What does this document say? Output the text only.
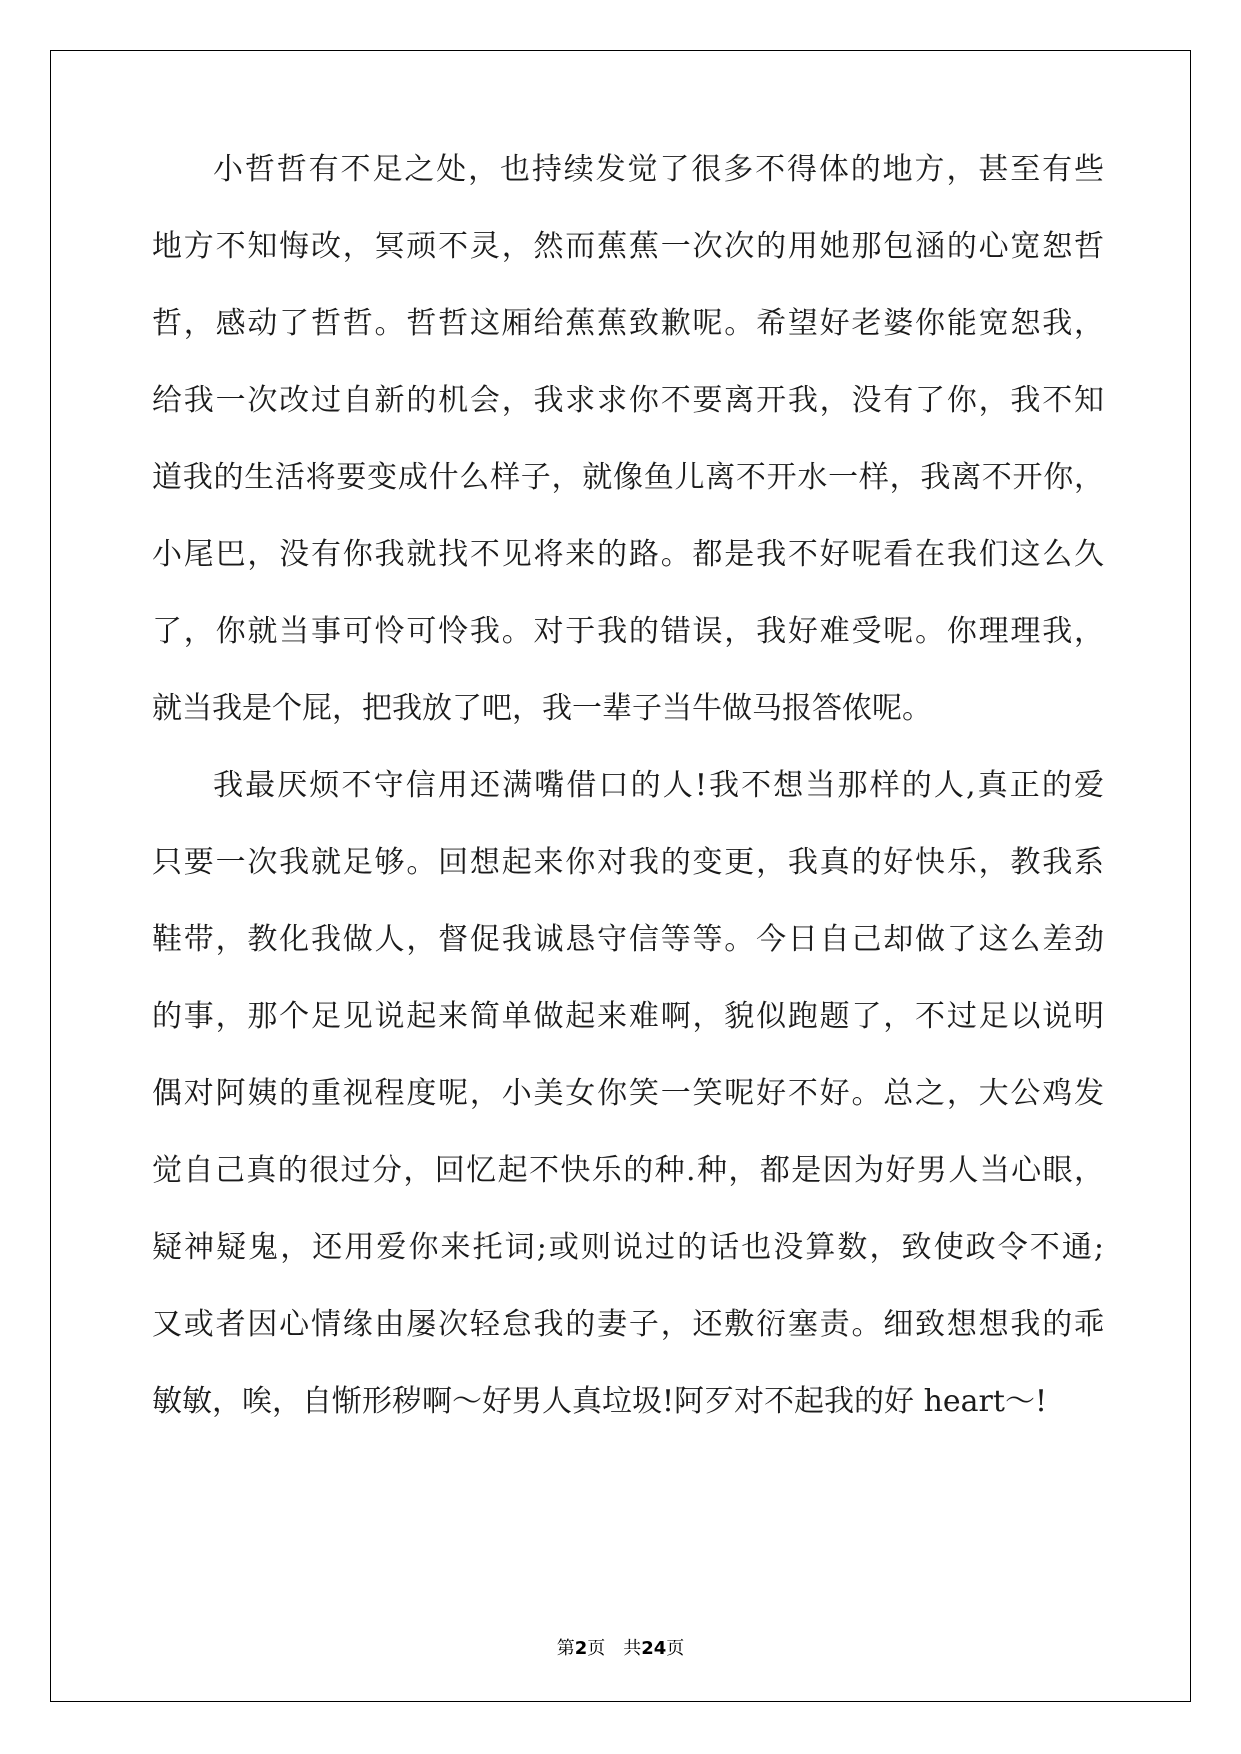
小哲哲有不足之处，也持续发觉了很多不得体的地方，甚至有些

地方不知悔改，冥顽不灵，然而蕉蕉一次次的用她那包涵的心宽恕哲

哲，感动了哲哲。哲哲这厢给蕉蕉致歉呢。希望好老婆你能宽恕我，

给我一次改过自新的机会，我求求你不要离开我，没有了你，我不知

道我的生活将要变成什么样子，就像鱼儿离不开水一样，我离不开你，

小尾巴，没有你我就找不见将来的路。都是我不好呢看在我们这么久

了，你就当事可怜可怜我。对于我的错误，我好难受呢。你理理我，

就当我是个屁，把我放了吧，我一辈子当牛做马报答侬呢。

我最厌烦不守信用还满嘴借口的人!我不想当那样的人,真正的爱

只要一次我就足够。回想起来你对我的变更，我真的好快乐，教我系

鞋带，教化我做人，督促我诚恳守信等等。今日自己却做了这么差劲

的事，那个足见说起来简单做起来难啊，貌似跑题了，不过足以说明

偶对阿姨的重视程度呢，小美女你笑一笑呢好不好。总之，大公鸡发

觉自己真的很过分，回忆起不快乐的种.种，都是因为好男人当心眼，

疑神疑鬼，还用爱你来托词;或则说过的话也没算数，致使政令不通;

又或者因心情缘由屡次轻怠我的妻子，还敷衍塞责。细致想想我的乖

敏敏，唉，自惭形秽啊～好男人真垃圾!阿歹对不起我的好 heart～!

第2页 共24页
